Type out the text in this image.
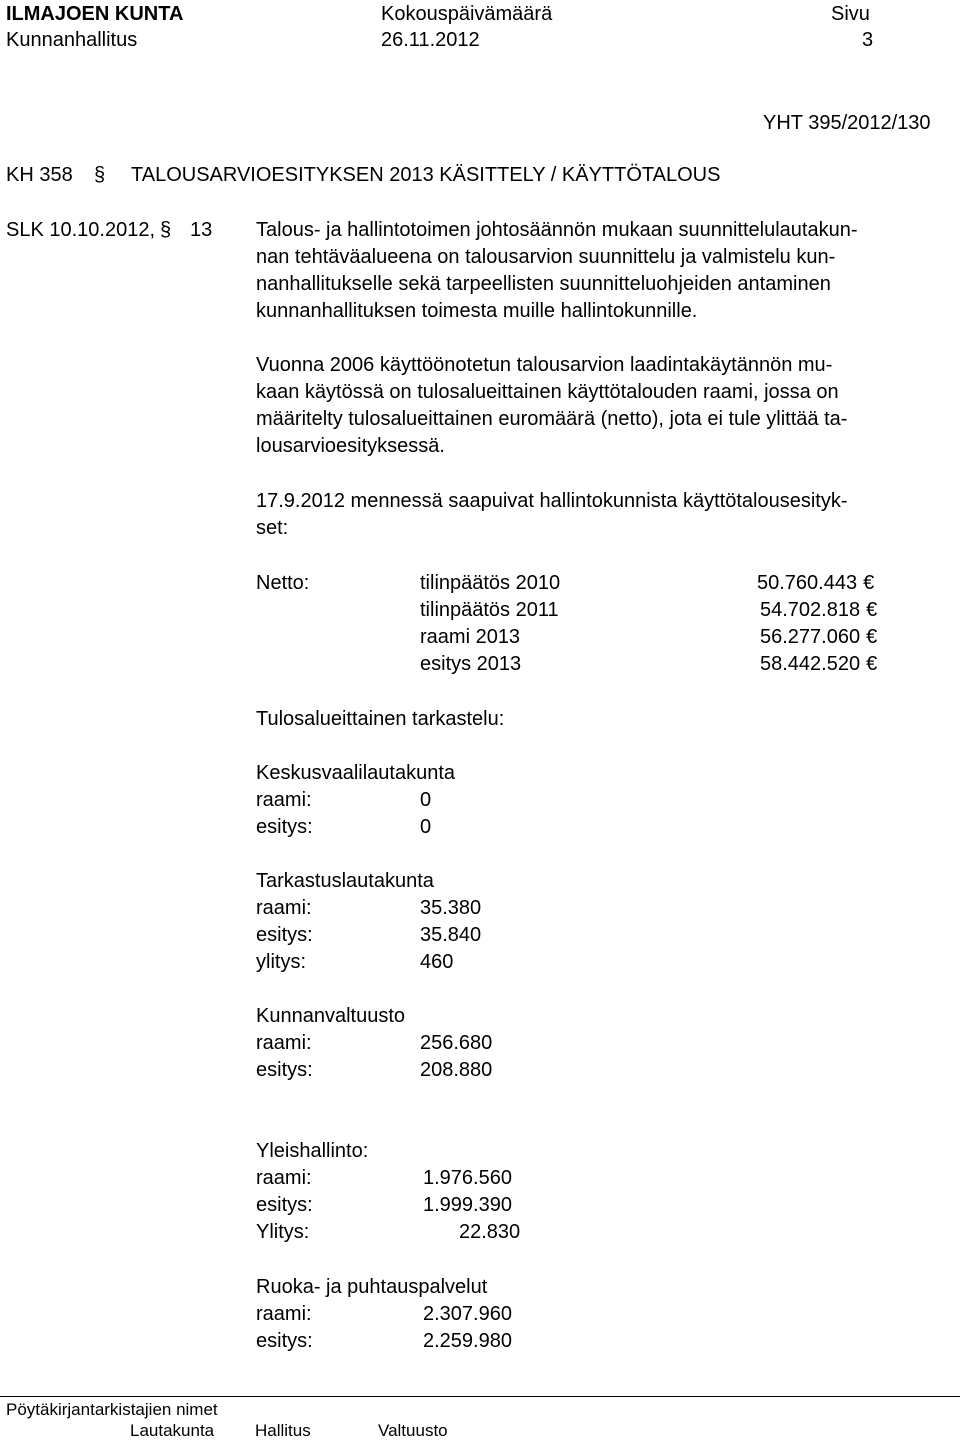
ILMAJOEN KUNTA	Kokouspäivämäärä	Sivu
Kunnanhallitus	26.11.2012	3
YHT 395/2012/130
KH 358 § TALOUSARVIOESITYKSEN 2013 KÄSITTELY / KÄYTTÖTALOUS
SLK 10.10.2012, § 13 Talous- ja hallintotoimen johtosäännön mukaan suunnittelulautakun-
nan tehtäväalueena on talousarvion suunnittelu ja valmistelu kun-
nanhallitukselle sekä tarpeellisten suunnitteluohjeiden antaminen
kunnanhallituksen toimesta muille hallintokunnille.
Vuonna 2006 käyttöönotetun talousarvion laadintakäytännön mu-
kaan käytössä on tulosalueittainen käyttötalouden raami, jossa on
määritelty tulosalueittainen euromäärä (netto), jota ei tule ylittää ta-
lousarvioesityksessä.
17.9.2012 mennessä saapuivat hallintokunnista käyttötalousesityk-
set:
Netto:	tilinpäätös 2010	50.760.443 €
tilinpäätös 2011	54.702.818 €
raami 2013	56.277.060 €
esitys 2013	58.442.520 €
Tulosalueittainen tarkastelu:
Keskusvaalilautakunta
raami:	0
esitys:	0
Tarkastuslautakunta
raami:	35.380
esitys:	35.840
ylitys:	460
Kunnanvaltuusto
raami:	256.680
esitys:	208.880
Yleishallinto:
raami:	1.976.560
esitys:	1.999.390
Ylitys:	22.830
Ruoka- ja puhtauspalvelut
raami:	2.307.960
esitys:	2.259.980
Pöytäkirjantarkistajien nimet
Lautakunta Hallitus	Valtuusto
